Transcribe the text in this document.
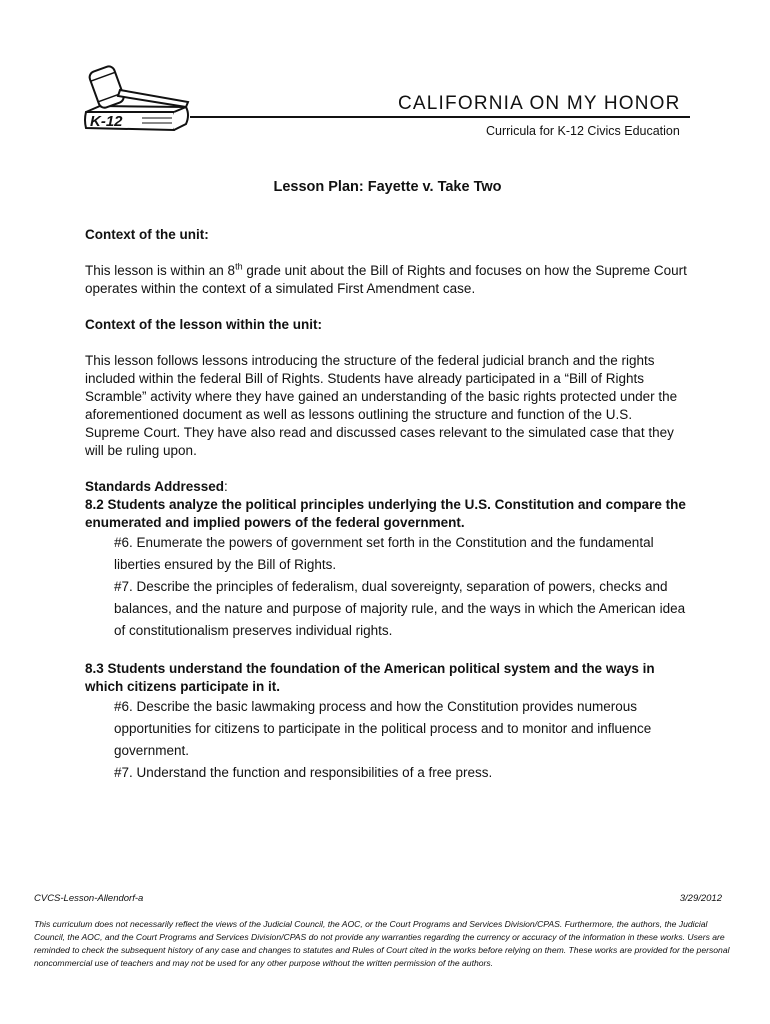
K-12
CALIFORNIA ON MY HONOR
Curricula for K-12 Civics Education
Lesson Plan: Fayette v. Take Two
Context of the unit:

This lesson is within an 8th grade unit about the Bill of Rights and focuses on how the Supreme Court operates within the context of a simulated First Amendment case.

Context of the lesson within the unit:

This lesson follows lessons introducing the structure of the federal judicial branch and the rights included within the federal Bill of Rights. Students have already participated in a “Bill of Rights Scramble” activity where they have gained an understanding of the basic rights protected under the aforementioned document as well as lessons outlining the structure and function of the U.S. Supreme Court. They have also read and discussed cases relevant to the simulated case that they will be ruling upon.

Standards Addressed:
8.2 Students analyze the political principles underlying the U.S. Constitution and compare the enumerated and implied powers of the federal government.
#6. Enumerate the powers of government set forth in the Constitution and the fundamental liberties ensured by the Bill of Rights.
#7. Describe the principles of federalism, dual sovereignty, separation of powers, checks and balances, and the nature and purpose of majority rule, and the ways in which the American idea of constitutionalism preserves individual rights.
8.3 Students understand the foundation of the American political system and the ways in which citizens participate in it.
#6. Describe the basic lawmaking process and how the Constitution provides numerous opportunities for citizens to participate in the political process and to monitor and influence government.
#7. Understand the function and responsibilities of a free press.
CVCS-Lesson-Allendorf-a	3/29/2012
This curriculum does not necessarily reflect the views of the Judicial Council, the AOC, or the Court Programs and Services Division/CPAS. Furthermore, the authors, the Judicial Council, the AOC, and the Court Programs and Services Division/CPAS do not provide any warranties regarding the currency or accuracy of the information in these works. Users are reminded to check the subsequent history of any case and changes to statutes and Rules of Court cited in the works before relying on them. These works are provided for the personal noncommercial use of teachers and may not be used for any other purpose without the written permission of the authors.
